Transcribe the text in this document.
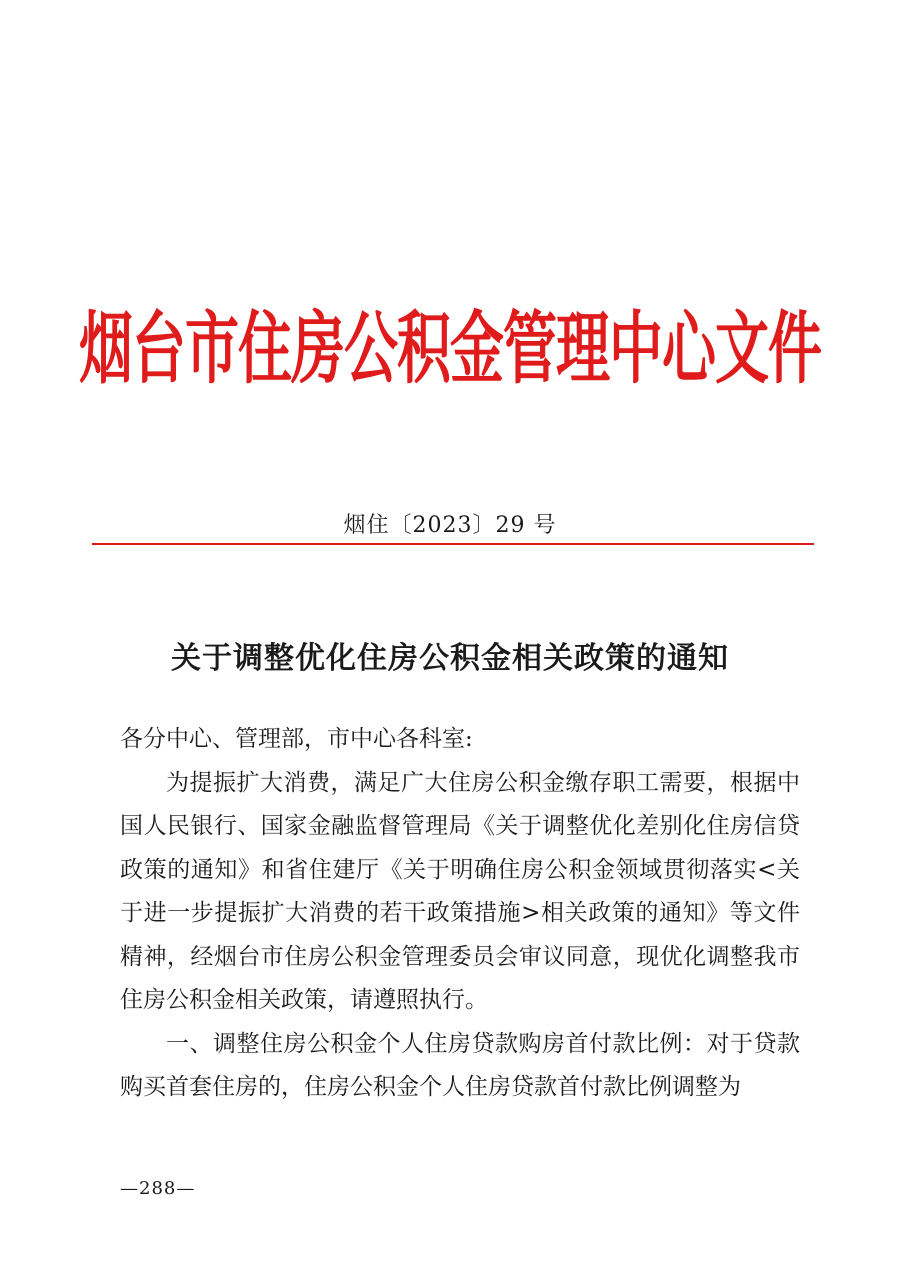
烟台市住房公积金管理中心文件
烟住〔2023〕29 号
关于调整优化住房公积金相关政策的通知

各分中心、管理部，市中心各科室:

为提振扩大消费，满足广大住房公积金缴存职工需要，根据中国人民银行、国家金融监督管理局《关于调整优化差别化住房信贷政策的通知》和省住建厅《关于明确住房公积金领域贯彻落实<关于进一步提振扩大消费的若干政策措施>相关政策的通知》等文件精神，经烟台市住房公积金管理委员会审议同意，现优化调整我市住房公积金相关政策，请遵照执行。

一、调整住房公积金个人住房贷款购房首付款比例：对于贷款购买首套住房的，住房公积金个人住房贷款首付款比例调整为

—288—
